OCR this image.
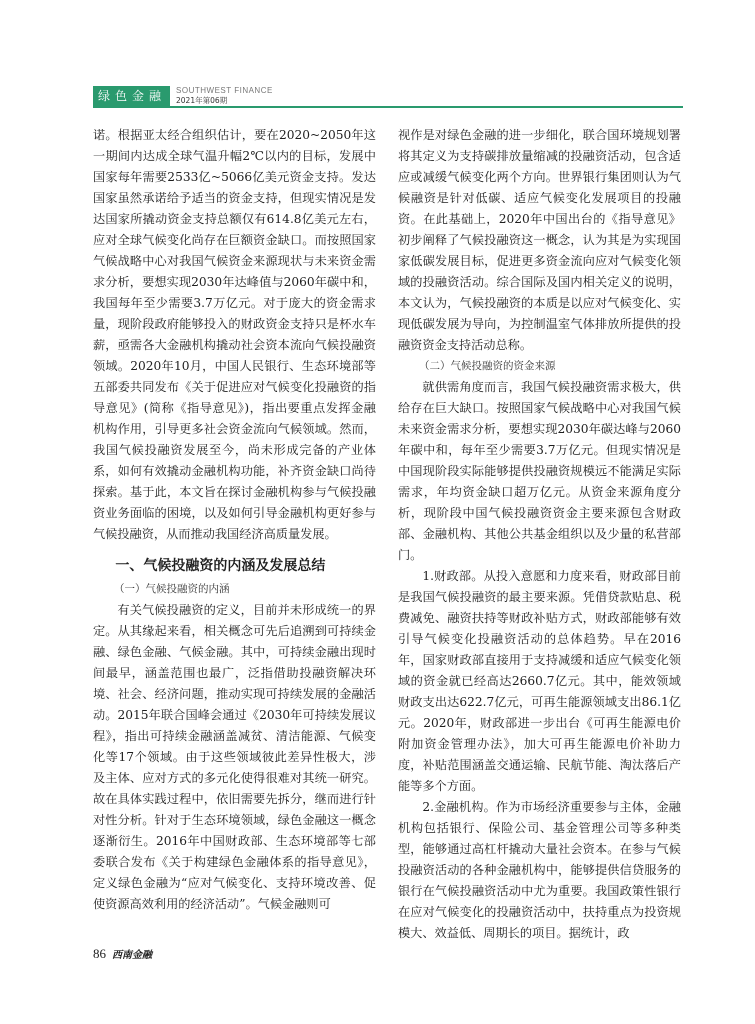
绿色金融	SOUTHWEST FINANCE
2021年第06期

诺。根据亚太经合组织估计，要在2020~2050年这一期间内达成全球气温升幅2℃以内的目标，发展中国家每年需要2533亿~5066亿美元资金支持。发达国家虽然承诺给予适当的资金支持，但现实情况是发达国家所撬动资金支持总额仅有614.8亿美元左右，应对全球气候变化尚存在巨额资金缺口。而按照国家气候战略中心对我国气候资金来源现状与未来资金需求分析，要想实现2030年达峰值与2060年碳中和，我国每年至少需要3.7万亿元。对于庞大的资金需求量，现阶段政府能够投入的财政资金支持只是杯水车薪，亟需各大金融机构撬动社会资本流向气候投融资领域。2020年10月，中国人民银行、生态环境部等五部委共同发布《关于促进应对气候变化投融资的指导意见》(简称《指导意见》)，指出要重点发挥金融机构作用，引导更多社会资金流向气候领域。然而，我国气候投融资发展至今，尚未形成完备的产业体系，如何有效撬动金融机构功能，补齐资金缺口尚待探索。基于此，本文旨在探讨金融机构参与气候投融资业务面临的困境，以及如何引导金融机构更好参与气候投融资，从而推动我国经济高质量发展。

一、气候投融资的内涵及发展总结

（一）气候投融资的内涵

有关气候投融资的定义，目前并未形成统一的界定。从其缘起来看，相关概念可先后追溯到可持续金融、绿色金融、气候金融。其中，可持续金融出现时间最早，涵盖范围也最广，泛指借助投融资解决环境、社会、经济问题，推动实现可持续发展的金融活动。2015年联合国峰会通过《2030年可持续发展议程》，指出可持续金融涵盖减贫、清洁能源、气候变化等17个领域。由于这些领域彼此差异性极大，涉及主体、应对方式的多元化使得很难对其统一研究。故在具体实践过程中，依旧需要先拆分，继而进行针对性分析。针对于生态环境领域，绿色金融这一概念逐渐衍生。2016年中国财政部、生态环境部等七部委联合发布《关于构建绿色金融体系的指导意见》，定义绿色金融为“应对气候变化、支持环境改善、促使资源高效利用的经济活动”。气候金融则可

视作是对绿色金融的进一步细化，联合国环境规划署将其定义为支持碳排放量缩减的投融资活动，包含适应或减缓气候变化两个方向。世界银行集团则认为气候融资是针对低碳、适应气候变化发展项目的投融资。在此基础上，2020年中国出台的《指导意见》初步阐释了气候投融资这一概念，认为其是为实现国家低碳发展目标，促进更多资金流向应对气候变化领域的投融资活动。综合国际及国内相关定义的说明，本文认为，气候投融资的本质是以应对气候变化、实现低碳发展为导向，为控制温室气体排放所提供的投融资资金支持活动总称。

（二）气候投融资的资金来源

就供需角度而言，我国气候投融资需求极大，供给存在巨大缺口。按照国家气候战略中心对我国气候未来资金需求分析，要想实现2030年碳达峰与2060年碳中和，每年至少需要3.7万亿元。但现实情况是中国现阶段实际能够提供投融资规模远不能满足实际需求，年均资金缺口超万亿元。从资金来源角度分析，现阶段中国气候投融资资金主要来源包含财政部、金融机构、其他公共基金组织以及少量的私营部门。

1.财政部。从投入意愿和力度来看，财政部目前是我国气候投融资的最主要来源。凭借贷款贴息、税费减免、融资扶持等财政补贴方式，财政部能够有效引导气候变化投融资活动的总体趋势。早在2016年，国家财政部直接用于支持减缓和适应气候变化领域的资金就已经高达2660.7亿元。其中，能效领域财政支出达622.7亿元，可再生能源领域支出86.1亿元。2020年，财政部进一步出台《可再生能源电价附加资金管理办法》，加大可再生能源电价补助力度，补贴范围涵盖交通运输、民航节能、淘汰落后产能等多个方面。

2.金融机构。作为市场经济重要参与主体，金融机构包括银行、保险公司、基金管理公司等多种类型，能够通过高杠杆撬动大量社会资本。在参与气候投融资活动的各种金融机构中，能够提供信贷服务的银行在气候投融资活动中尤为重要。我国政策性银行在应对气候变化的投融资活动中，扶持重点为投资规模大、效益低、周期长的项目。据统计，政

86 西南金融
